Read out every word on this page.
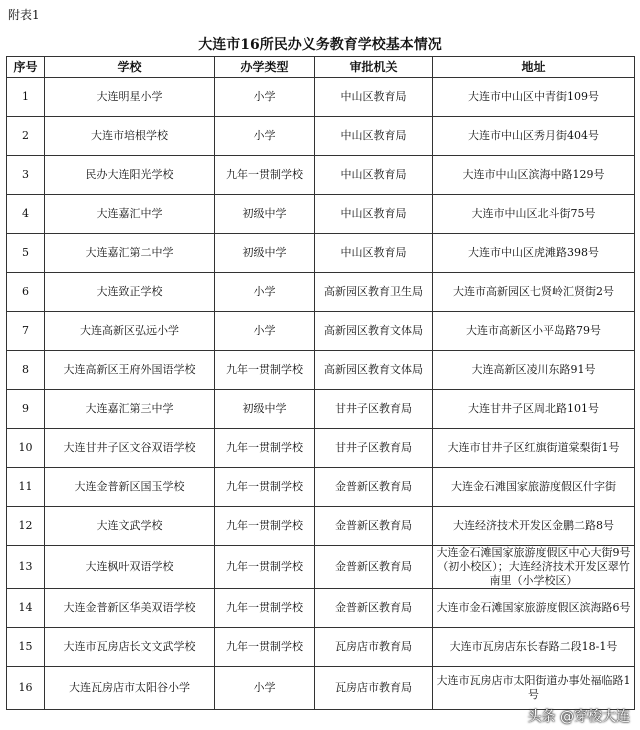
附表1
大连市16所民办义务教育学校基本情况
序号	学校	办学类型	审批机关	地址
1	大连明星小学	小学	中山区教育局	大连市中山区中青街109号
2	大连市培根学校	小学	中山区教育局	大连市中山区秀月街404号
3	民办大连阳光学校	九年一贯制学校	中山区教育局	大连市中山区滨海中路129号
4	大连嘉汇中学	初级中学	中山区教育局	大连市中山区北斗街75号
5	大连嘉汇第二中学	初级中学	中山区教育局	大连市中山区虎滩路398号
6	大连致正学校	小学	高新园区教育卫生局	大连市高新园区七贤岭汇贤街2号
7	大连高新区弘远小学	小学	高新园区教育文体局	大连市高新区小平岛路79号
8	大连高新区王府外国语学校	九年一贯制学校	高新园区教育文体局	大连高新区凌川东路91号
9	大连嘉汇第三中学	初级中学	甘井子区教育局	大连甘井子区周北路101号
10	大连甘井子区文谷双语学校	九年一贯制学校	甘井子区教育局	大连市甘井子区红旗街道棠梨街1号
11	大连金普新区国玉学校	九年一贯制学校	金普新区教育局	大连金石滩国家旅游度假区什字街
12	大连文武学校	九年一贯制学校	金普新区教育局	大连经济技术开发区金鹏二路8号
13	大连枫叶双语学校	九年一贯制学校	金普新区教育局	大连金石滩国家旅游度假区中心大街9号（初小校区）；大连经济技术开发区翠竹南里（小学校区）
14	大连金普新区华美双语学校	九年一贯制学校	金普新区教育局	大连市金石滩国家旅游度假区滨海路6号
15	大连市瓦房店长文文武学校	九年一贯制学校	瓦房店市教育局	大连市瓦房店东长春路二段18-1号
16	大连瓦房店市太阳谷小学	小学	瓦房店市教育局	大连市瓦房店市太阳街道办事处福临路1号
头条 @穿梭大连
